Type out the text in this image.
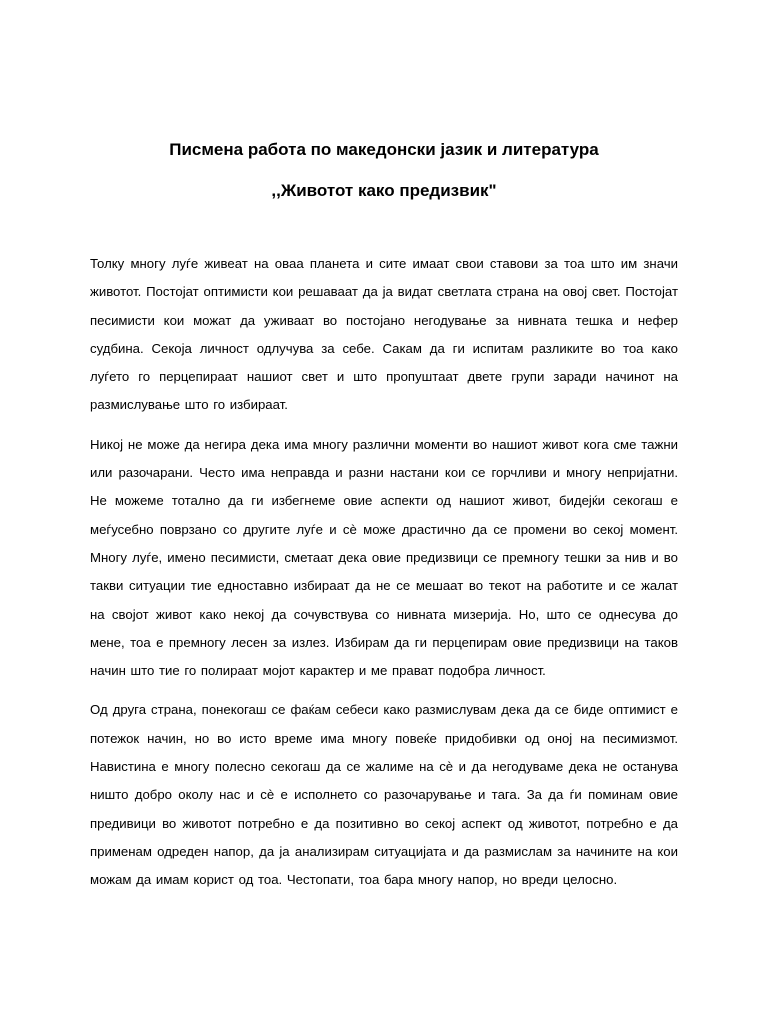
Писмена работа по македонски јазик и литература
,,Животот како предизвик"

Толку многу луѓе живеат на оваа планета и сите имаат свои ставови за тоа што им значи животот. Постојат оптимисти кои решаваат да ја видат светлата страна на овој свет. Постојат песимисти кои можат да уживаат во постојано негодување за нивната тешка и нефер судбина. Секоја личност одлучува за себе. Сакам да ги испитам разликите во тоа како луѓето го перцепираат нашиот свет и што пропуштаат двете групи заради начинот на размислување што го избираат.

Никој не може да негира дека има многу различни моменти во нашиот живот кога сме тажни или разочарани. Често има неправда и разни настани кои се горчливи и многу непријатни. Не можеме тотално да ги избегнеме овие аспекти од нашиот живот, бидејќи секогаш е меѓусебно поврзано со другите луѓе и сè може драстично да се промени во секој момент. Многу луѓе, имено песимисти, сметаат дека овие предизвици се премногу тешки за нив и во такви ситуации тие едноставно избираат да не се мешаат во текот на работите и се жалат на својот живот како некој да сочувствува со нивната мизерија. Но, што се однесува до мене, тоа е премногу лесен за излез. Избирам да ги перцепирам овие предизвици на таков начин што тие го полираат мојот карактер и ме прават подобра личност.

Од друга страна, понекогаш се фаќам себеси како размислувам дека да се биде оптимист е потежок начин, но во исто време има многу повеќе придобивки од оној на песимизмот. Навистина е многу полесно секогаш да се жалиме на сè и да негодуваме дека не останува ништо добро околу нас и сè е исполнето со разочарување и тага. За да ѓи поминам овие предивици во животот потребно е да позитивно во секој аспект од животот, потребно е да применам одреден напор, да ја анализирам ситуацијата и да размислам за начините на кои можам да имам корист од тоа. Честопати, тоа бара многу напор, но вреди целосно.
